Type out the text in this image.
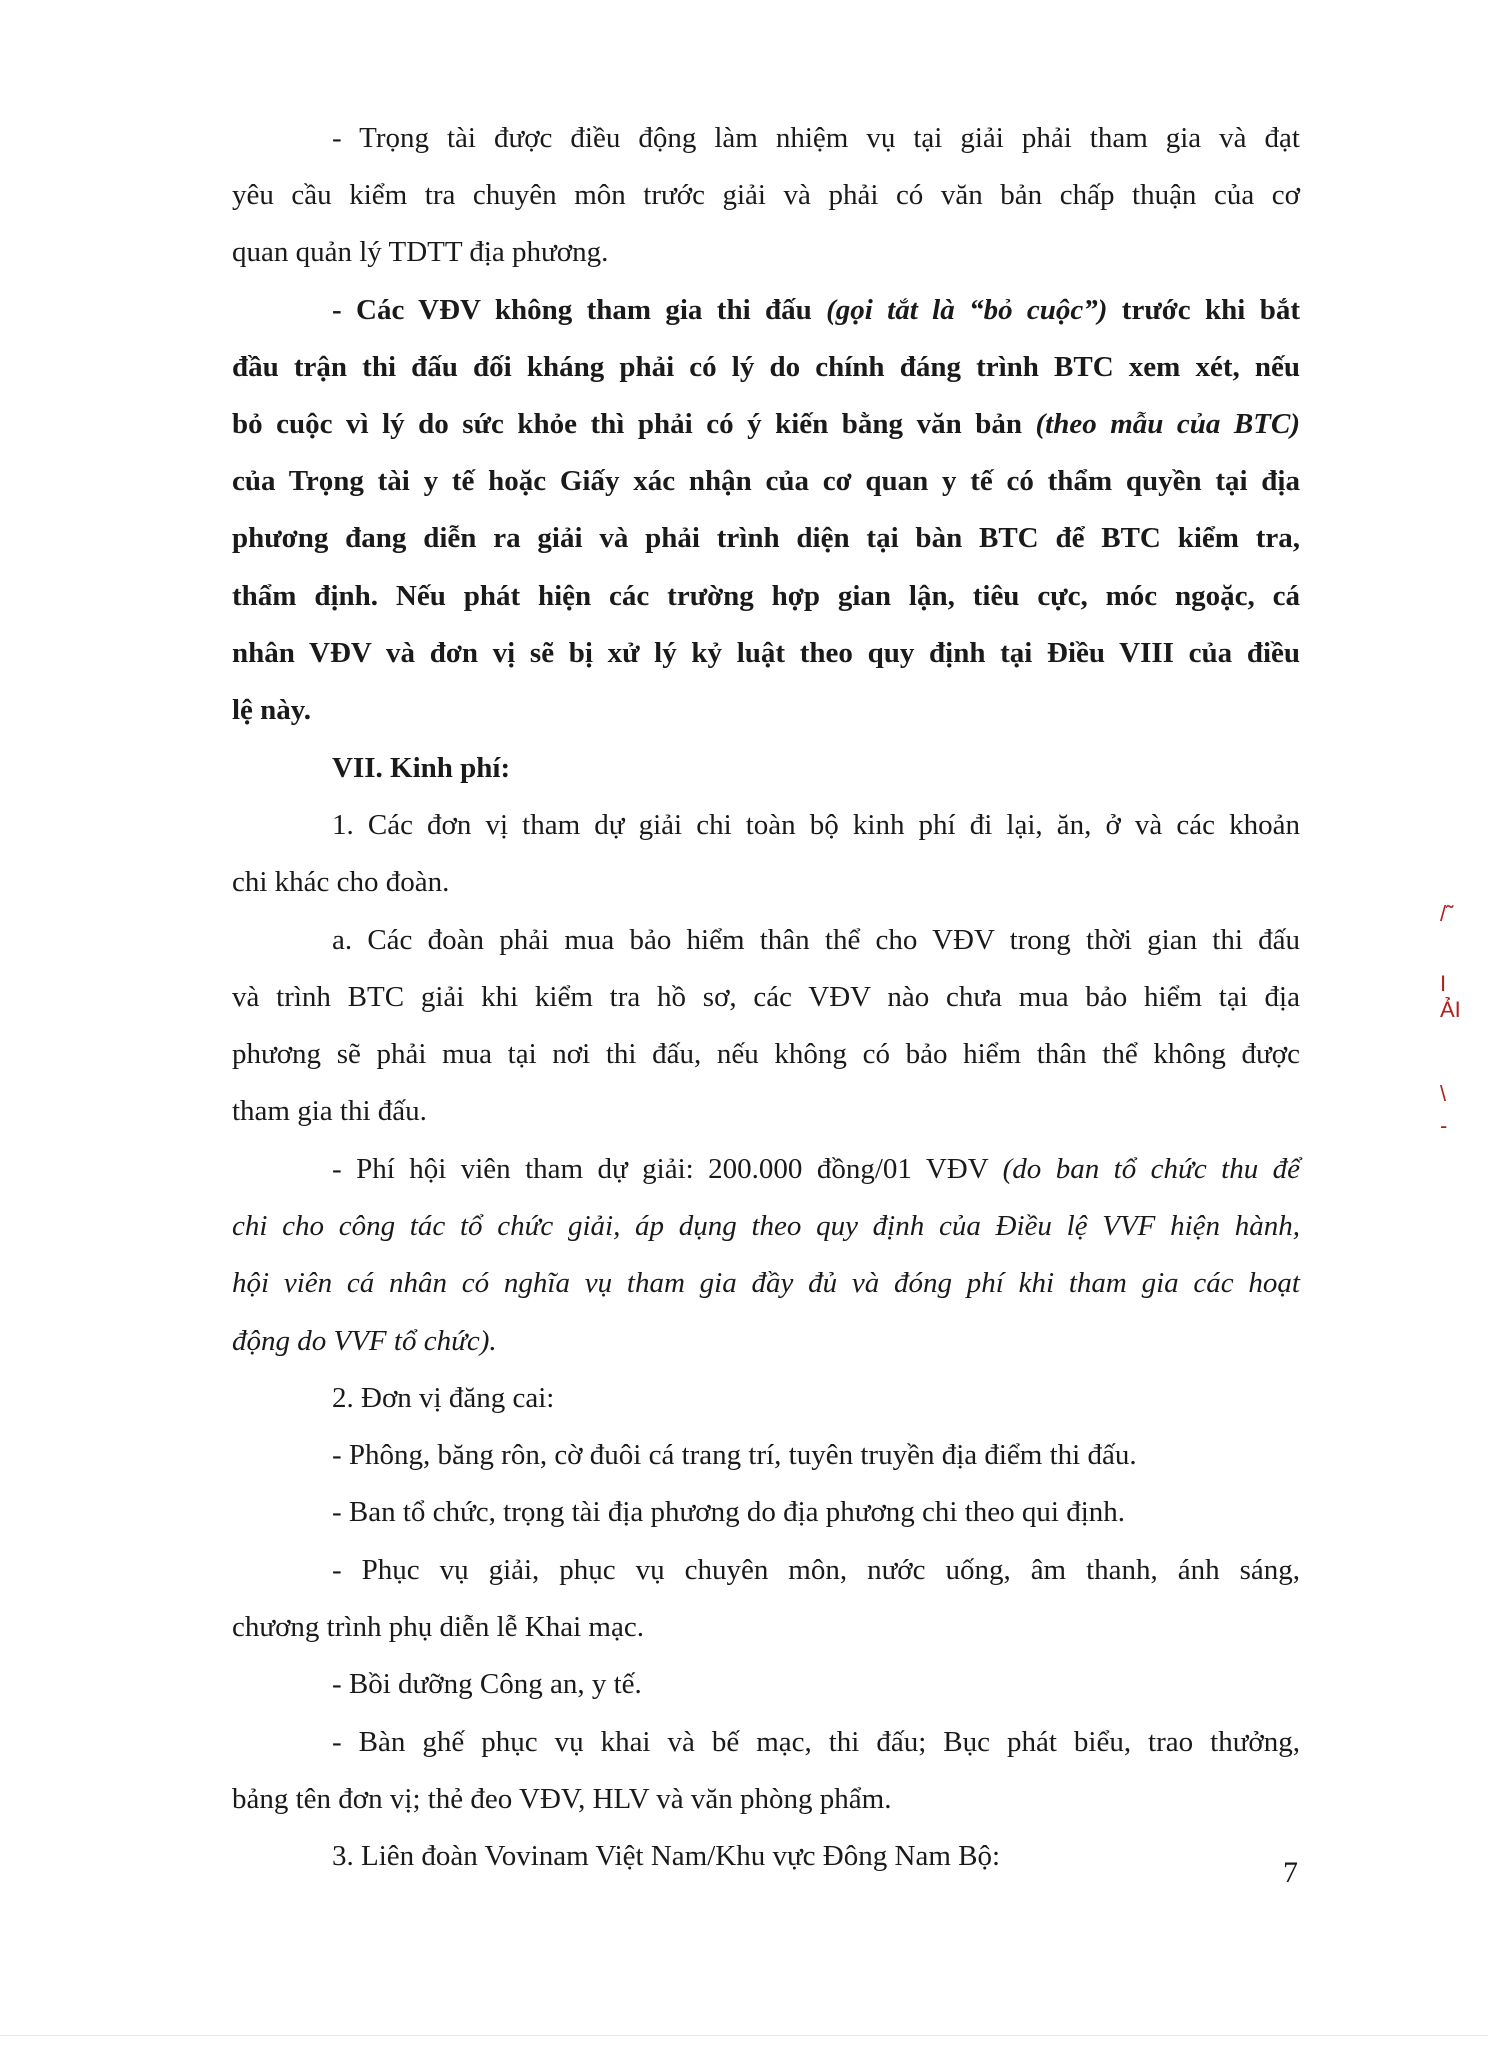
- Trọng tài được điều động làm nhiệm vụ tại giải phải tham gia và đạt
yêu cầu kiểm tra chuyên môn trước giải và phải có văn bản chấp thuận của cơ
quan quản lý TDTT địa phương.
- Các VĐV không tham gia thi đấu (gọi tắt là “bỏ cuộc”) trước khi bắt
đầu trận thi đấu đối kháng phải có lý do chính đáng trình BTC xem xét, nếu
bỏ cuộc vì lý do sức khỏe thì phải có ý kiến bằng văn bản (theo mẫu của BTC)
của Trọng tài y tế hoặc Giấy xác nhận của cơ quan y tế có thẩm quyền tại địa
phương đang diễn ra giải và phải trình diện tại bàn BTC để BTC kiểm tra,
thẩm định. Nếu phát hiện các trường hợp gian lận, tiêu cực, móc ngoặc, cá
nhân VĐV và đơn vị sẽ bị xử lý kỷ luật theo quy định tại Điều VIII của điều
lệ này.
VII. Kinh phí:
1. Các đơn vị tham dự giải chi toàn bộ kinh phí đi lại, ăn, ở và các khoản
chi khác cho đoàn.
a. Các đoàn phải mua bảo hiểm thân thể cho VĐV trong thời gian thi đấu
và trình BTC giải khi kiểm tra hồ sơ, các VĐV nào chưa mua bảo hiểm tại địa
phương sẽ phải mua tại nơi thi đấu, nếu không có bảo hiểm thân thể không được
tham gia thi đấu.
- Phí hội viên tham dự giải: 200.000 đồng/01 VĐV (do ban tổ chức thu để
chi cho công tác tổ chức giải, áp dụng theo quy định của Điều lệ VVF hiện hành,
hội viên cá nhân có nghĩa vụ tham gia đầy đủ và đóng phí khi tham gia các hoạt
động do VVF tổ chức).
2. Đơn vị đăng cai:
- Phông, băng rôn, cờ đuôi cá trang trí, tuyên truyền địa điểm thi đấu.
- Ban tổ chức, trọng tài địa phương do địa phương chi theo qui định.
- Phục vụ giải, phục vụ chuyên môn, nước uống, âm thanh, ánh sáng,
chương trình phụ diễn lễ Khai mạc.
- Bồi dưỡng Công an, y tế.
- Bàn ghế phục vụ khai và bế mạc, thi đấu; Bục phát biểu, trao thưởng,
bảng tên đơn vị; thẻ đeo VĐV, HLV và văn phòng phẩm.
3. Liên đoàn Vovinam Việt Nam/Khu vực Đông Nam Bộ:	7
/̃
I
ẢI
\
-
